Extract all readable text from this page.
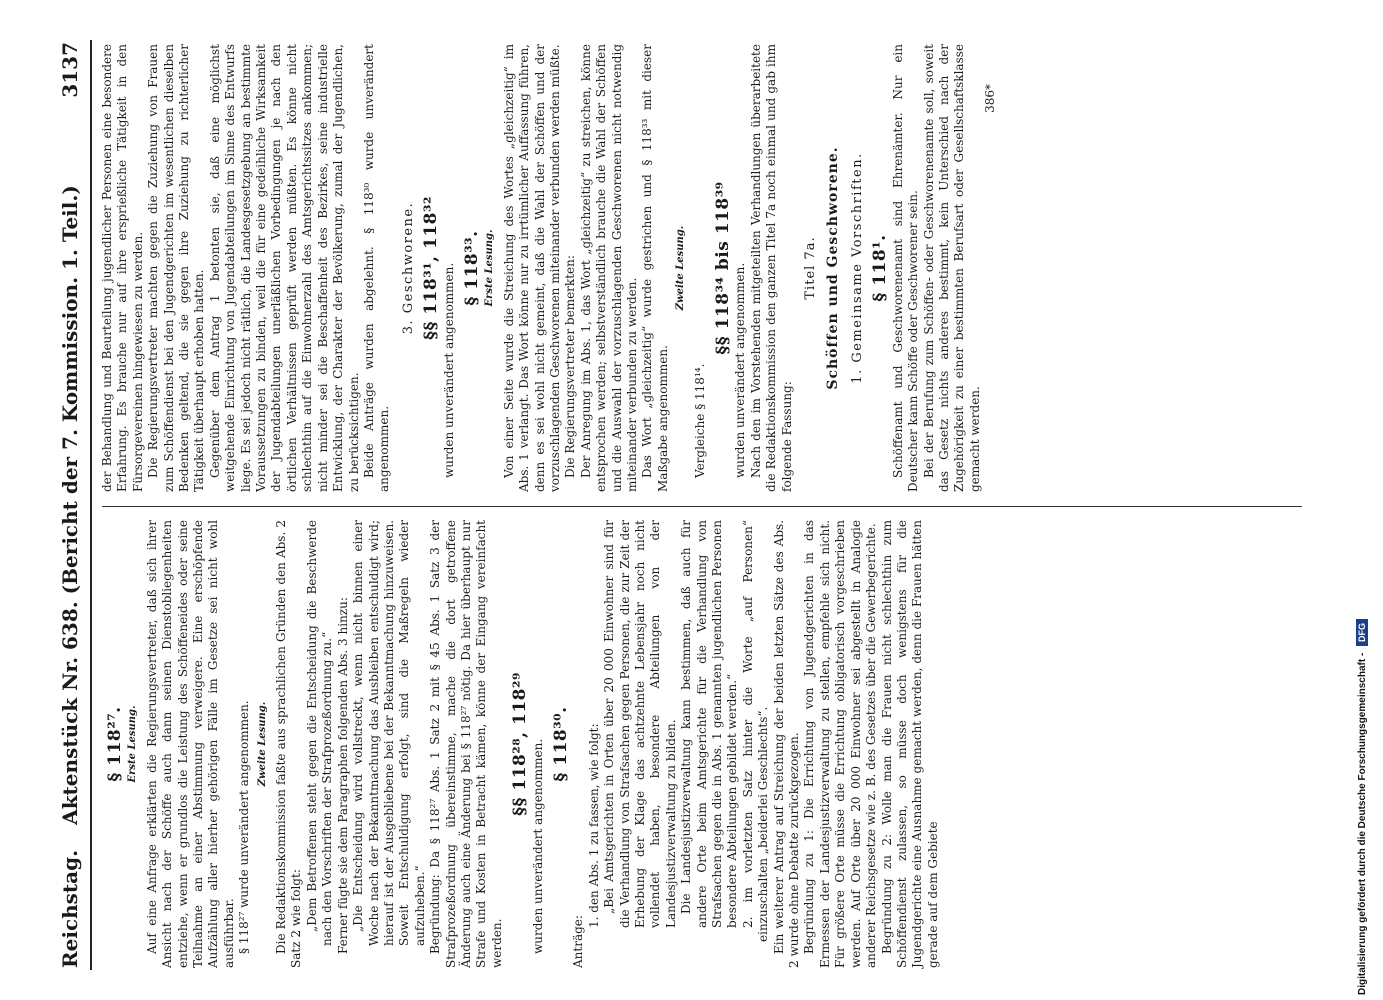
Reichstag.
Aktenstück Nr. 638. (Bericht der 7. Kommission. 1. Teil.)
3137
§ 118²⁷. Erste Lesung. Auf eine Anfrage erklärten die Regierungsvertreter, daß sich ihrer Ansicht nach der Schöffe auch dann seinen Dienstobliegenheiten entziehe, wenn er grundlos die Leistung des Schöffeneides oder seine Teilnahme an einer Abstimmung verweigere. Eine erschöpfende Aufzählung aller hierher gehörigen Fälle im Gesetze sei nicht wohl ausführbar. § 118²⁷ wurde unverändert angenommen. Zweite Lesung. Die Redaktionskommission faßte aus sprachlichen Gründen den Abs. 2 Satz 2 wie folgt: „Dem Betroffenen steht gegen die Entscheidung die Beschwerde nach den Vorschriften der Strafprozeßordnung zu.“ Ferner fügte sie dem Paragraphen folgenden Abs. 3 hinzu: „Die Entscheidung wird vollstreckt, wenn nicht binnen einer Woche nach der Bekanntmachung das Ausbleiben entschuldigt wird; hierauf ist der Ausgebliebene bei der Bekanntmachung hinzuweisen. Soweit Entschuldigung erfolgt, sind die Maßregeln wieder aufzuheben.“ Begründung: Da § 118²⁷ Abs. 1 Satz 2 mit § 45 Abs. 1 Satz 3 der Strafprozeßordnung übereinstimme, mache die dort getroffene Änderung auch eine Änderung bei § 118²⁷ nötig. Da hier überhaupt nur Strafe und Kosten in Betracht kämen, könne der Eingang vereinfacht werden.

§§ 118²⁸, 118²⁹ wurden unverändert angenommen. § 118³⁰.

Anträge:

1. den Abs. 1 zu fassen, wie folgt: „Bei Amtsgerichten in Orten über 20 000 Einwohner sind für die Verhandlung von Strafsachen gegen Personen, die zur Zeit der Erhebung der Klage das achtzehnte Lebensjahr noch nicht vollendet haben, besondere Abteilungen von der Landesjustizverwaltung zu bilden. Die Landesjustizverwaltung kann bestimmen, daß auch für andere Orte beim Amtsgerichte für die Verhandlung von Strafsachen gegen die in Abs. 1 genannten jugendlichen Personen besondere Abteilungen gebildet werden.“ 2. im vorletzten Satz hinter die Worte „auf Personen“ einzuschalten „beiderlei Geschlechts“. Ein weiterer Antrag auf Streichung der beiden letzten Sätze des Abs. 2 wurde ohne Debatte zurückgezogen. Begründung zu 1: Die Errichtung von Jugendgerichten in das Ermessen der Landesjustizverwaltung zu stellen, empfehle sich nicht. Für größere Orte müsse die Errichtung obligatorisch vorgeschrieben werden. Auf Orte über 20 000 Einwohner sei abgestellt in Analogie anderer Reichsgesetze wie z. B. des Gesetzes über die Gewerbegerichte. Begründung zu 2: Wolle man die Frauen nicht schlechthin zum Schöffendienst zulassen, so müsse doch wenigstens für die Jugendgerichte eine Ausnahme gemacht werden, denn die Frauen hätten gerade auf dem Gebiete

der Behandlung und Beurteilung jugendlicher Personen eine besondere Erfahrung. Es brauche nur auf ihre ersprießliche Tätigkeit in den Fürsorgevereinen hingewiesen zu werden. Die Regierungsvertreter machten gegen die Zuziehung von Frauen zum Schöffendienst bei den Jugendgerichten im wesentlichen dieselben Bedenken geltend, die sie gegen ihre Zuziehung zu richterlicher Tätigkeit überhaupt erhoben hatten. Gegenüber dem Antrag 1 betonten sie, daß eine möglichst weitgehende Einrichtung von Jugendabteilungen im Sinne des Entwurfs liege. Es sei jedoch nicht rätlich, die Landesgesetzgebung an bestimmte Voraussetzungen zu binden, weil die für eine gedeihliche Wirksamkeit der Jugendabteilungen unerläßlichen Vorbedingungen je nach den örtlichen Verhältnissen geprüft werden müßten. Es könne nicht schlechthin auf die Einwohnerzahl des Amtsgerichtssitzes ankommen; nicht minder sei die Beschaffenheit des Bezirkes, seine industrielle Entwicklung, der Charakter der Bevölkerung, zumal der Jugendlichen, zu berücksichtigen. Beide Anträge wurden abgelehnt. § 118³⁰ wurde unverändert angenommen.

3. Geschworene. §§ 118³¹, 118³² wurden unverändert angenommen. § 118³³. Erste Lesung. Von einer Seite wurde die Streichung des Wortes „gleichzeitig“ im Abs. 1 verlangt. Das Wort könne nur zu irrtümlicher Auffassung führen, denn es sei wohl nicht gemeint, daß die Wahl der Schöffen und der vorzuschlagenden Geschworenen miteinander verbunden werden müßte. Die Regierungsvertreter bemerkten: Der Anregung im Abs. 1, das Wort „gleichzeitig“ zu streichen, könne entsprochen werden; selbstverständlich brauche die Wahl der Schöffen und die Auswahl der vorzuschlagenden Geschworenen nicht notwendig miteinander verbunden zu werden. Das Wort „gleichzeitig“ wurde gestrichen und § 118³³ mit dieser Maßgabe angenommen.

Zweite Lesung.

Vergleiche § 118¹⁴.

§§ 118³⁴ bis 118³⁹ wurden unverändert angenommen. Nach den im Vorstehenden mitgeteilten Verhandlungen überarbeitete die Redaktionskommission den ganzen Titel 7a noch einmal und gab ihm folgende Fassung:

Titel 7a. Schöffen und Geschworene. 1. Gemeinsame Vorschriften. § 118¹. Schöffenamt und Geschworenenamt sind Ehrenämter. Nur ein Deutscher kann Schöffe oder Geschworener sein. Bei der Berufung zum Schöffen- oder Geschworenenamte soll, soweit das Gesetz nichts anderes bestimmt, kein Unterschied nach der Zugehörigkeit zu einer bestimmten Berufsart oder Gesellschaftsklasse gemacht werden.

386*
Digitalisierung gefördert durch die Deutsche Forschungsgemeinschaft - DFG
